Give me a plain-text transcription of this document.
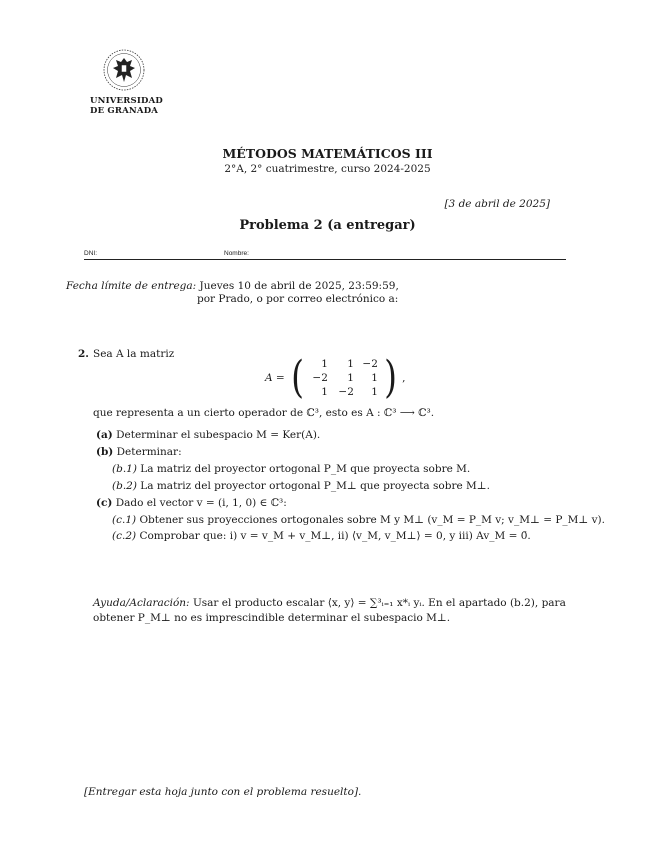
UNIVERSIDAD
DE GRANADA
MÉTODOS MATEMÁTICOS III
2°A, 2° cuatrimestre, curso 2024-2025
[3 de abril de 2025]
Problema 2 (a entregar)
DNI:	Nombre:
Fecha límite de entrega: Jueves 10 de abril de 2025, 23:59:59,
por Prado, o por correo electrónico a:
2. Sea A la matriz
A = (	1	1 −2
−2	1	1
1	−2	1 ) ,
que representa a un cierto operador de ℂ³, esto es A : ℂ³ ⟶ ℂ³.
(a) Determinar el subespacio M = Ker(A).
(b) Determinar:
(b.1) La matriz del proyector ortogonal P_M que proyecta sobre M.
(b.2) La matriz del proyector ortogonal P_M⊥ que proyecta sobre M⊥.
(c) Dado el vector v = (i, 1, 0) ∈ ℂ³:
(c.1) Obtener sus proyecciones ortogonales sobre M y M⊥ (v_M = P_M v; v_M⊥ = P_M⊥ v).
(c.2) Comprobar que: i) v = v_M + v_M⊥, ii) ⟨v_M, v_M⊥⟩ = 0, y iii) Av_M = 0̄.
Ayuda/Aclaración: Usar el producto escalar ⟨x, y⟩ = ∑³ᵢ₌₁ x*ᵢ yᵢ. En el apartado (b.2), para obtener P_M⊥ no es imprescindible determinar el subespacio M⊥.
[Entregar esta hoja junto con el problema resuelto].
